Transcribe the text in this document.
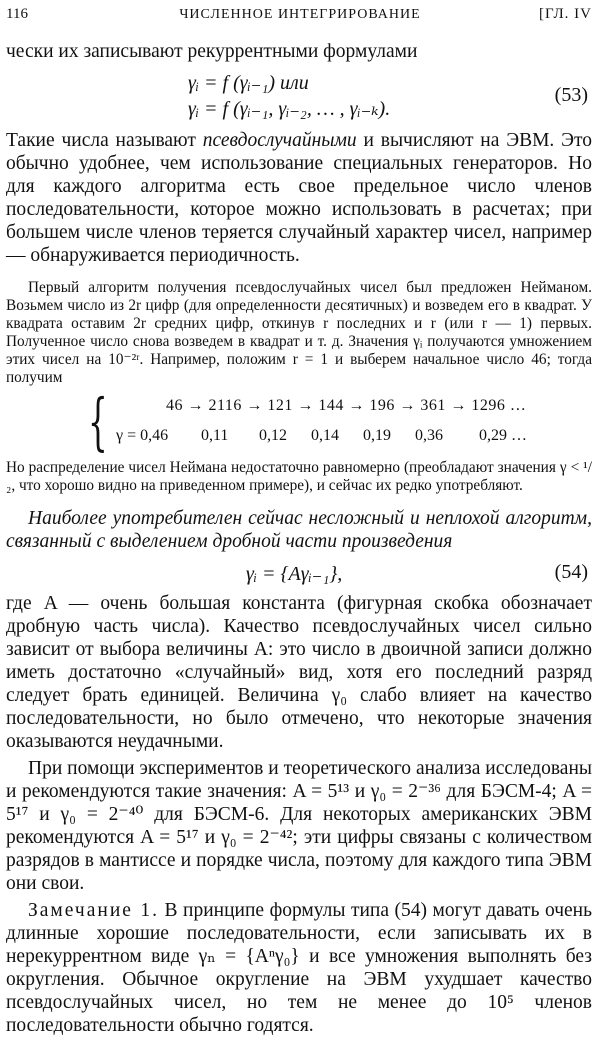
116	ЧИСЛЕННОЕ ИНТЕГРИРОВАНИЕ	[ГЛ. IV

чески их записывают рекуррентными формулами

γᵢ = f (γᵢ₋₁) или
γᵢ = f (γᵢ₋₁, γᵢ₋₂, … , γᵢ₋ₖ).
(53)

Такие числа называют псевдослучайными и вычисляют на ЭВМ. Это обычно удобнее, чем использование специальных генераторов. Но для каждого алгоритма есть свое предельное число членов последовательности, которое можно использовать в расчетах; при большем числе членов теряется случайный характер чисел, например — обнаруживается периодичность.

Первый алгоритм получения псевдослучайных чисел был предложен Нейманом. Возьмем число из 2r цифр (для определенности десятичных) и возведем его в квадрат. У квадрата оставим 2r средних цифр, откинув r последних и r (или r — 1) первых. Полученное число снова возведем в квадрат и т. д. Значения γᵢ получаются умножением этих чисел на 10⁻²ʳ. Например, положим r = 1 и выберем начальное число 46; тогда получим

{	46 → 2116 → 121 → 144 → 196 → 361 → 1296 …
γ = 0,46 0,11 0,12 0,14 0,19 0,36 0,29 …

Но распределение чисел Неймана недостаточно равномерно (преобладают значения γ < ¹/₂, что хорошо видно на приведенном примере), и сейчас их редко употребляют.

Наиболее употребителен сейчас несложный и неплохой алгоритм, связанный с выделением дробной части произведения

γᵢ = {Aγᵢ₋₁},	(54)

где A — очень большая константа (фигурная скобка обозначает дробную часть числа). Качество псевдослучайных чисел сильно зависит от выбора величины A: это число в двоичной записи должно иметь достаточно «случайный» вид, хотя его последний разряд следует брать единицей. Величина γ₀ слабо влияет на качество последовательности, но было отмечено, что некоторые значения оказываются неудачными.

При помощи экспериментов и теоретического анализа исследованы и рекомендуются такие значения: A = 5¹³ и γ₀ = 2⁻³⁶ для БЭСМ-4; A = 5¹⁷ и γ₀ = 2⁻⁴⁰ для БЭСМ-6. Для некоторых американских ЭВМ рекомендуются A = 5¹⁷ и γ₀ = 2⁻⁴²; эти цифры связаны с количеством разрядов в мантиссе и порядке числа, поэтому для каждого типа ЭВМ они свои.

Замечание 1. В принципе формулы типа (54) могут давать очень длинные хорошие последовательности, если записывать их в нерекуррентном виде γₙ = {Aⁿγ₀} и все умножения выполнять без округления. Обычное округление на ЭВМ ухудшает качество псевдослучайных чисел, но тем не менее до 10⁵ членов последовательности обычно годятся.
